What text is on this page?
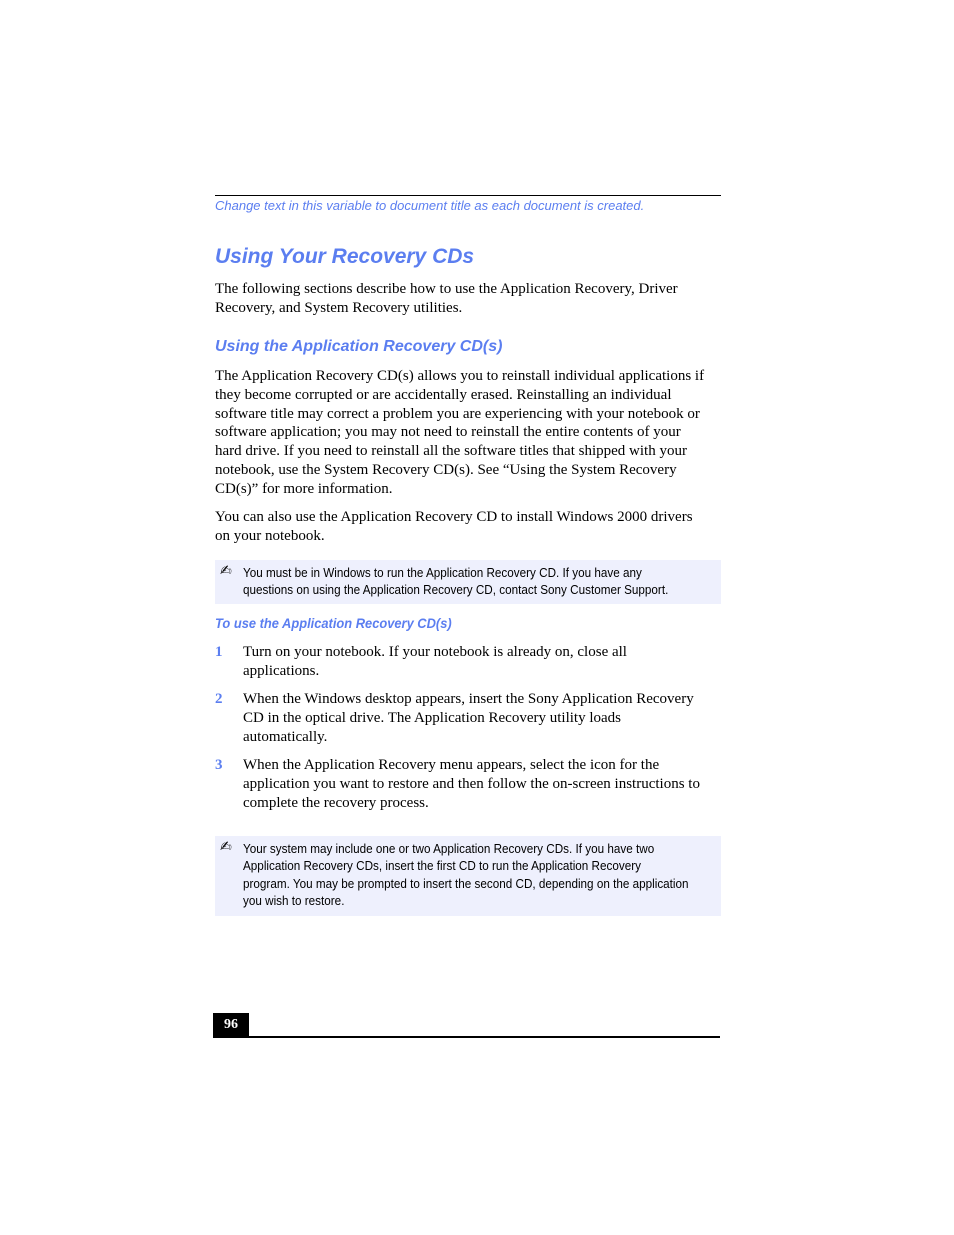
Change text in this variable to document title as each document is created.
Using Your Recovery CDs
The following sections describe how to use the Application Recovery, Driver
Recovery, and System Recovery utilities.
Using the Application Recovery CD(s)
The Application Recovery CD(s) allows you to reinstall individual applications if
they become corrupted or are accidentally erased. Reinstalling an individual
software title may correct a problem you are experiencing with your notebook or
software application; you may not need to reinstall the entire contents of your
hard drive. If you need to reinstall all the software titles that shipped with your
notebook, use the System Recovery CD(s). See “Using the System Recovery
CD(s)” for more information.
You can also use the Application Recovery CD to install Windows 2000 drivers
on your notebook.
✍ You must be in Windows to run the Application Recovery CD. If you have any
questions on using the Application Recovery CD, contact Sony Customer Support.
To use the Application Recovery CD(s)
1 Turn on your notebook. If your notebook is already on, close all
applications.
2 When the Windows desktop appears, insert the Sony Application Recovery
CD in the optical drive. The Application Recovery utility loads
automatically.
3 When the Application Recovery menu appears, select the icon for the
application you want to restore and then follow the on-screen instructions to
complete the recovery process.
✍ Your system may include one or two Application Recovery CDs. If you have two
Application Recovery CDs, insert the first CD to run the Application Recovery
program. You may be prompted to insert the second CD, depending on the application
you wish to restore.
96
